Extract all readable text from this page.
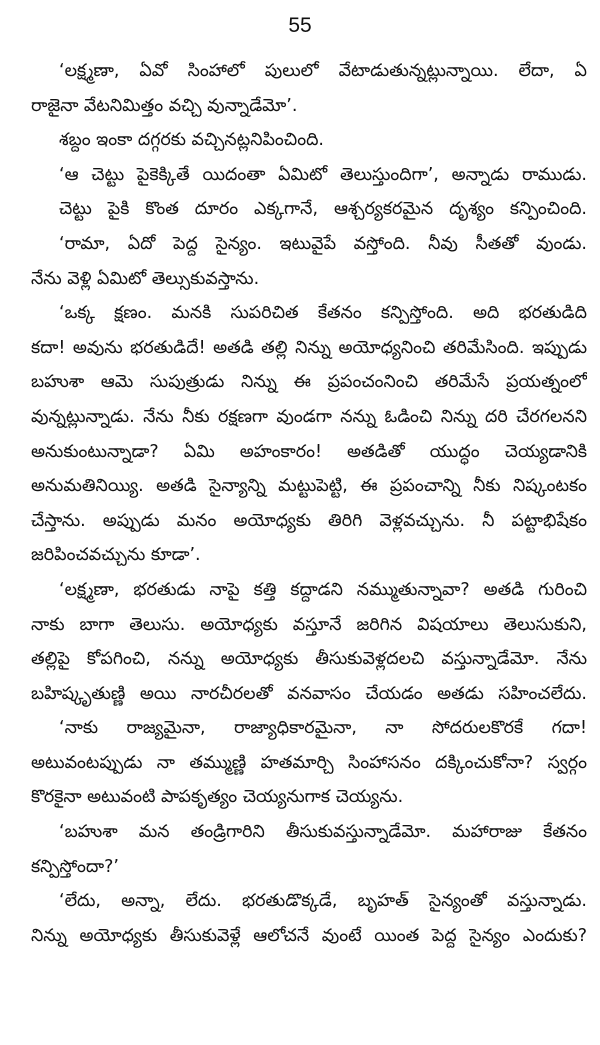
55
‘లక్ష్మణా, ఏవో సింహాలో పులులో వేటాడుతున్నట్లున్నాయి. లేదా, ఏ
రాజైనా వేటనిమిత్తం వచ్చి వున్నాడేమో’.
శబ్దం ఇంకా దగ్గరకు వచ్చినట్లనిపించింది.
‘ఆ చెట్టు పైకెక్కితే యిదంతా ఏమిటో తెలుస్తుందిగా’, అన్నాడు రాముడు.
చెట్టు పైకి కొంత దూరం ఎక్కగానే, ఆశ్చర్యకరమైన దృశ్యం కన్పించింది.
‘రామా, ఏదో పెద్ద సైన్యం. ఇటువైపే వస్తోంది. నీవు సీతతో వుండు.
నేను వెళ్లి ఏమిటో తెల్సుకువస్తాను.
‘ఒక్క క్షణం. మనకి సుపరిచిత కేతనం కన్పిస్తోంది. అది భరతుడిది
కదా! అవును భరతుడిదే! అతడి తల్లి నిన్ను అయోధ్యనించి తరిమేసింది. ఇప్పుడు
బహుశా ఆమె సుపుత్రుడు నిన్ను ఈ ప్రపంచంనించి తరిమేసే ప్రయత్నంలో
వున్నట్లున్నాడు. నేను నీకు రక్షణగా వుండగా నన్ను ఓడించి నిన్ను దరి చేరగలనని
అనుకుంటున్నాడా? ఏమి అహంకారం! అతడితో యుద్ధం చెయ్యడానికి
అనుమతినియ్యి. అతడి సైన్యాన్ని మట్టుపెట్టి, ఈ ప్రపంచాన్ని నీకు నిష్కంటకం
చేస్తాను. అప్పుడు మనం అయోధ్యకు తిరిగి వెళ్లవచ్చును. నీ పట్టాభిషేకం
జరిపించవచ్చును కూడా’.
‘లక్ష్మణా, భరతుడు నాపై కత్తి కద్దాడని నమ్ముతున్నావా? అతడి గురించి
నాకు బాగా తెలుసు. అయోధ్యకు వస్తూనే జరిగిన విషయాలు తెలుసుకుని,
తల్లిపై కోపగించి, నన్ను అయోధ్యకు తీసుకువెళ్లదలచి వస్తున్నాడేమో. నేను
బహిష్కృతుణ్ణి అయి నారచీరలతో వనవాసం చేయడం అతడు సహించలేదు.
‘నాకు రాజ్యమైనా, రాజ్యాధికారమైనా, నా సోదరులకొరకే గదా!
అటువంటప్పుడు నా తమ్ముణ్ణి హతమార్చి సింహాసనం దక్కించుకోనా? స్వర్గం
కొరకైనా అటువంటి పాపకృత్యం చెయ్యనుగాక చెయ్యను.
‘బహుశా మన తండ్రిగారిని తీసుకువస్తున్నాడేమో. మహారాజు కేతనం
కన్పిస్తోందా?’
‘లేదు, అన్నా, లేదు. భరతుడొక్కడే, బృహత్ సైన్యంతో వస్తున్నాడు.
నిన్ను అయోధ్యకు తీసుకువెళ్లే ఆలోచనే వుంటే యింత పెద్ద సైన్యం ఎందుకు?
